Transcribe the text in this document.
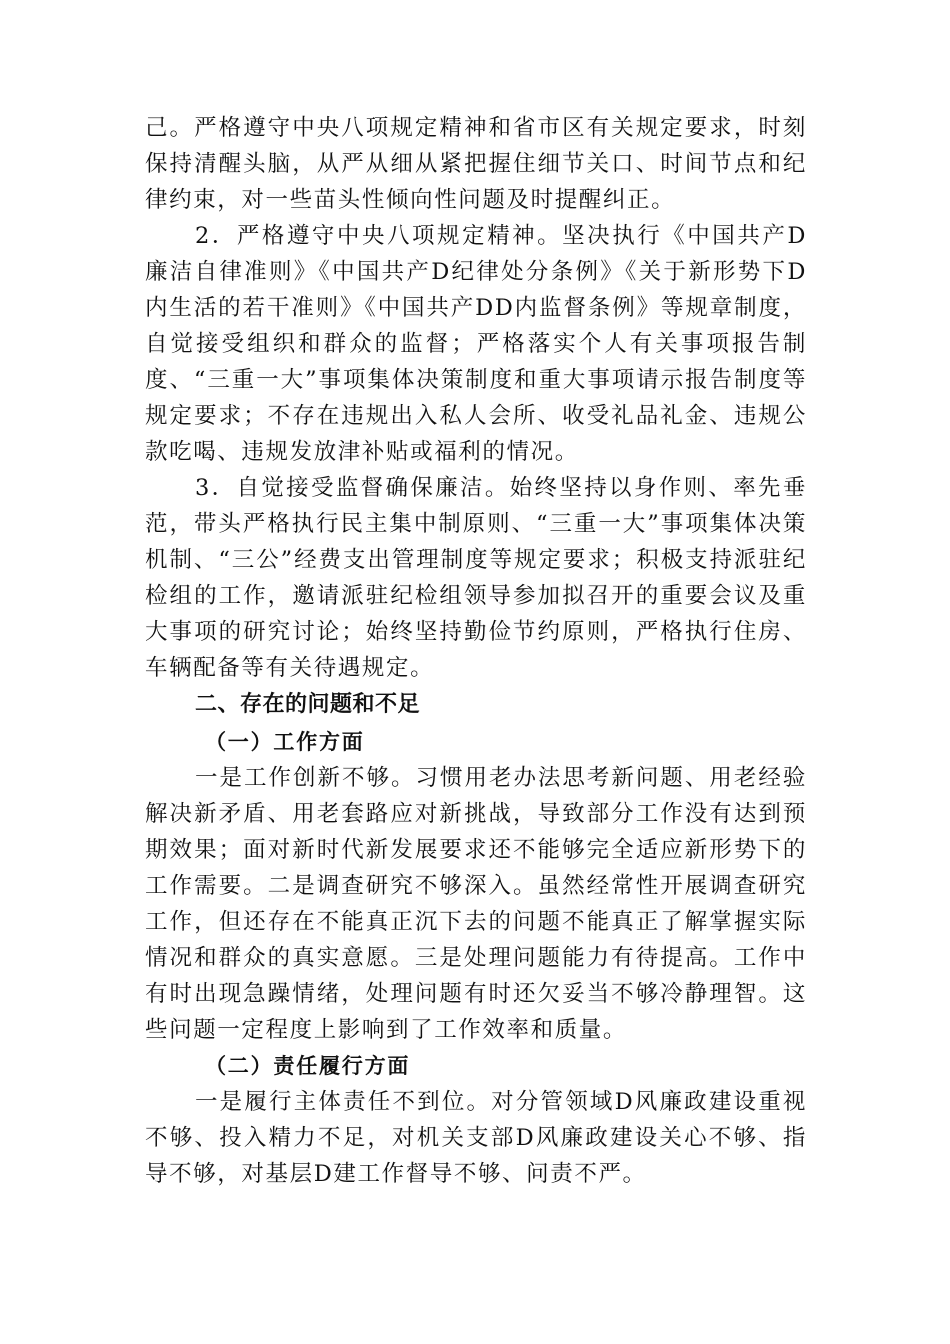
己。严格遵守中央八项规定精神和省市区有关规定要求，时刻保持清醒头脑，从严从细从紧把握住细节关口、时间节点和纪律约束，对一些苗头性倾向性问题及时提醒纠正。

2．严格遵守中央八项规定精神。坚决执行《中国共产D廉洁自律准则》《中国共产D纪律处分条例》《关于新形势下D内生活的若干准则》《中国共产DD内监督条例》等规章制度，自觉接受组织和群众的监督；严格落实个人有关事项报告制度、“三重一大”事项集体决策制度和重大事项请示报告制度等规定要求；不存在违规出入私人会所、收受礼品礼金、违规公款吃喝、违规发放津补贴或福利的情况。

3．自觉接受监督确保廉洁。始终坚持以身作则、率先垂范，带头严格执行民主集中制原则、“三重一大”事项集体决策机制、“三公”经费支出管理制度等规定要求；积极支持派驻纪检组的工作，邀请派驻纪检组领导参加拟召开的重要会议及重大事项的研究讨论；始终坚持勤俭节约原则，严格执行住房、车辆配备等有关待遇规定。

二、存在的问题和不足
（一）工作方面

一是工作创新不够。习惯用老办法思考新问题、用老经验解决新矛盾、用老套路应对新挑战，导致部分工作没有达到预期效果；面对新时代新发展要求还不能够完全适应新形势下的工作需要。二是调查研究不够深入。虽然经常性开展调查研究工作，但还存在不能真正沉下去的问题不能真正了解掌握实际情况和群众的真实意愿。三是处理问题能力有待提高。工作中有时出现急躁情绪，处理问题有时还欠妥当不够冷静理智。这些问题一定程度上影响到了工作效率和质量。

（二）责任履行方面

一是履行主体责任不到位。对分管领域D风廉政建设重视不够、投入精力不足，对机关支部D风廉政建设关心不够、指导不够，对基层D建工作督导不够、问责不严。
